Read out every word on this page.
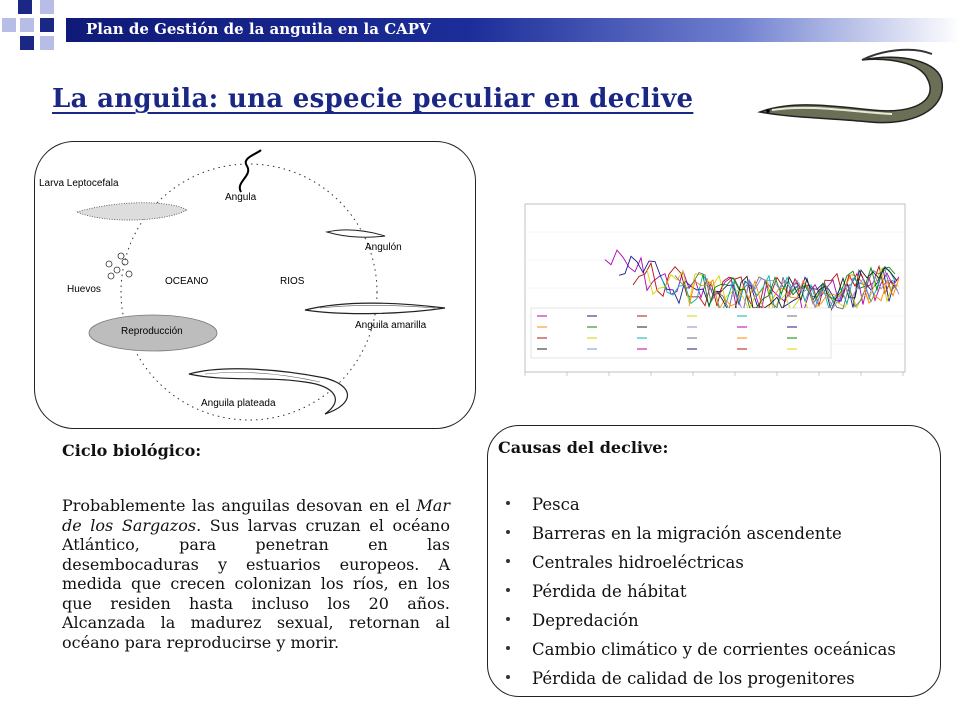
Plan de Gestión de la anguila en la CAPV
La anguila: una especie peculiar en declive
Larva Leptocefala
Angula
Angulón
Huevos
OCEANO	RIOS
Anguila amarilla
Reproducción
Anguila plateada
Ciclo biológico:
Probablemente las anguilas desovan en el Mar de los Sargazos. Sus larvas cruzan el océano Atlántico, para penetran en las desembocaduras y estuarios europeos. A medida que crecen colonizan los ríos, en los que residen hasta incluso los 20 años. Alcanzada la madurez sexual, retornan al océano para reproducirse y morir.
Causas del declive:
Pesca
Barreras en la migración ascendente
Centrales hidroeléctricas
Pérdida de hábitat
Depredación
Cambio climático y de corrientes oceánicas
Pérdida de calidad de los progenitores
